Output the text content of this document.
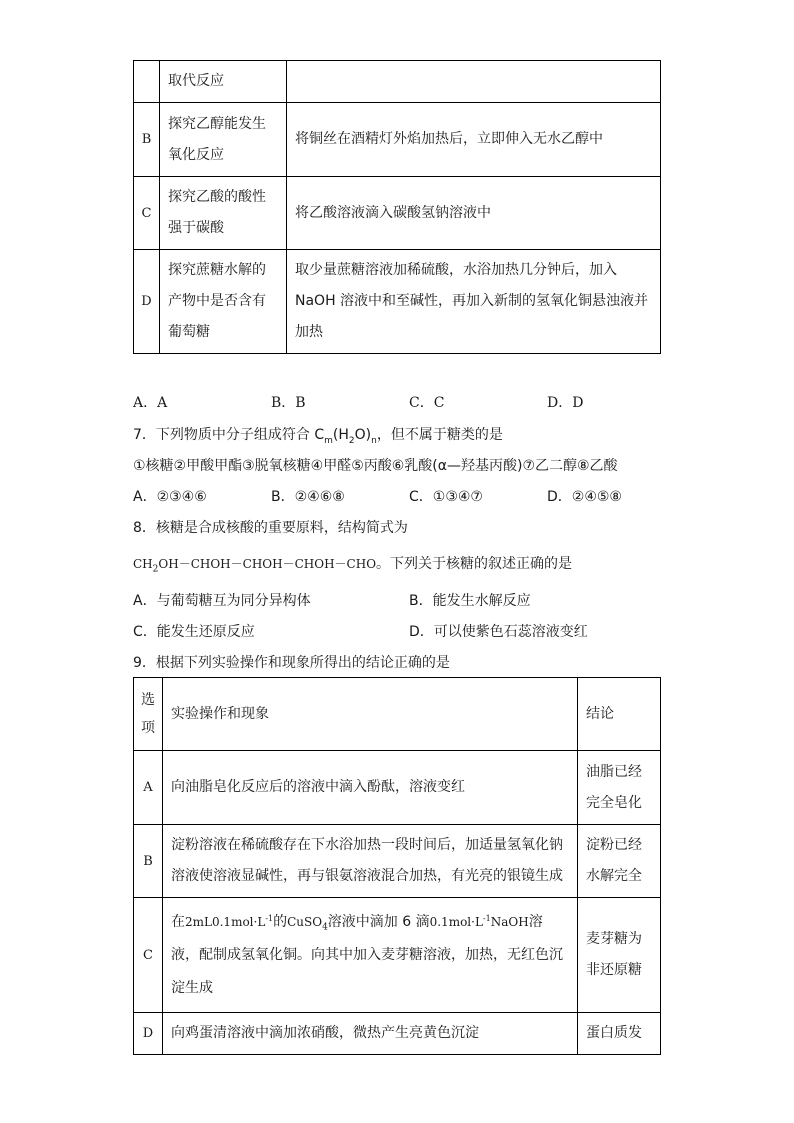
	取代反应	
B	探究乙醇能发生氧化反应	将铜丝在酒精灯外焰加热后，立即伸入无水乙醇中
C	探究乙酸的酸性强于碳酸	将乙酸溶液滴入碳酸氢钠溶液中
D	探究蔗糖水解的产物中是否含有葡萄糖	取少量蔗糖溶液加稀硫酸，水浴加热几分钟后，加入NaOH 溶液中和至碱性，再加入新制的氢氧化铜悬浊液并加热
A．A	B．B	C．C	D．D
7．下列物质中分子组成符合 $C_m(H_2O)_n$，但不属于糖类的是
①核糖②甲酸甲酯③脱氧核糖④甲醛⑤丙酸⑥乳酸(α—羟基丙酸)⑦乙二醇⑧乙酸
A．②③④⑥	B．②④⑥⑧	C．①③④⑦	D．②④⑤⑧
8．核糖是合成核酸的重要原料，结构简式为
$CH_2OH-CHOH-CHOH-CHOH-CHO$。下列关于核糖的叙述正确的是
A．与葡萄糖互为同分异构体	B．能发生水解反应
C．能发生还原反应	D．可以使紫色石蕊溶液变红
9．根据下列实验操作和现象所得出的结论正确的是
选项	实验操作和现象	结论
A	向油脂皂化反应后的溶液中滴入酚酞，溶液变红	油脂已经完全皂化
B	淀粉溶液在稀硫酸存在下水浴加热一段时间后，加适量氢氧化钠溶液使溶液显碱性，再与银氨溶液混合加热，有光亮的银镜生成	淀粉已经水解完全
C	在$2mL0.1mol\cdot L^{-1}$的CuSO$_4$溶液中滴加 6 滴$0.1mol\cdot L^{-1}NaOH$溶液，配制成氢氧化铜。向其中加入麦芽糖溶液，加热，无红色沉淀生成	麦芽糖为非还原糖
D	向鸡蛋清溶液中滴加浓硝酸，微热产生亮黄色沉淀	蛋白质发
